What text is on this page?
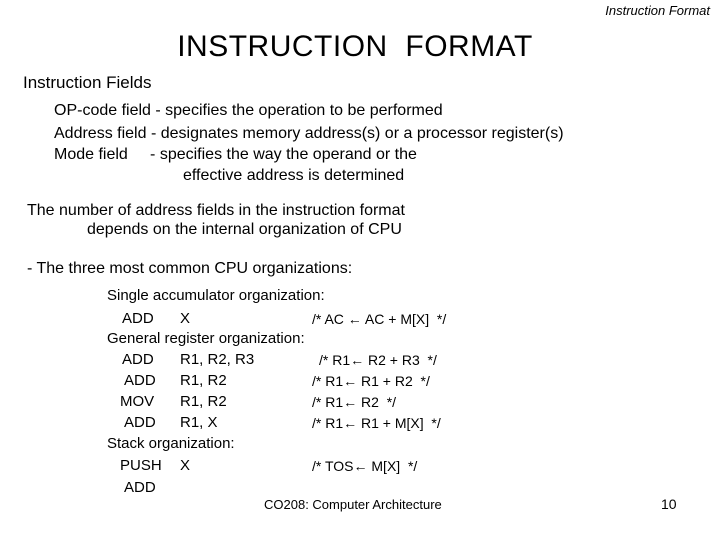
Instruction Format
INSTRUCTION  FORMAT
Instruction Fields
OP-code field - specifies the operation to be performed
Address field - designates memory address(s) or a processor register(s)
Mode field     - specifies the way the operand or the
effective address is determined
The number of address fields in the instruction format
depends on the internal organization of CPU
- The three most common CPU organizations:
Single accumulator organization:
ADD X	/* AC ← AC + M[X]  */
General register organization:
ADD R1, R2, R3	/* R1← R2 + R3  */
ADD R1, R2	/* R1← R1 + R2  */
MOV R1, R2	/* R1← R2  */
ADD R1, X	/* R1← R1 + M[X]  */
Stack organization:
PUSH X	/* TOS← M[X]  */
ADD
CO208: Computer Architecture	10
